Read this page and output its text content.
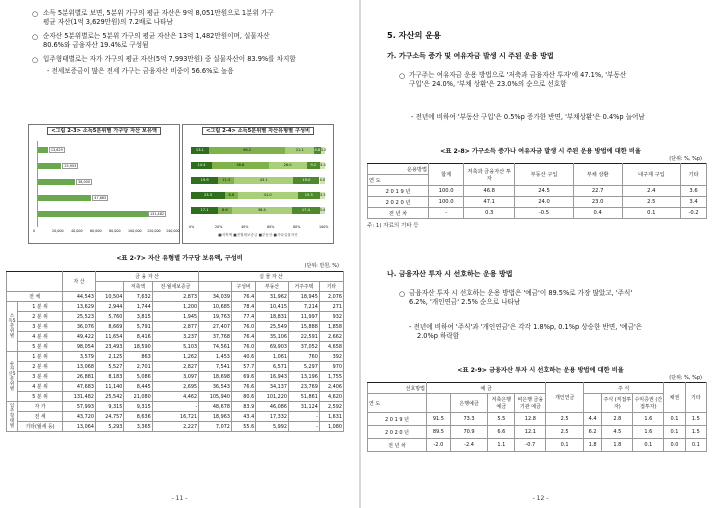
○ 소득 5분위별로 보면, 5분위 가구의 평균 자산은 9억 8,051만원으로 1분위 가구
평균 자산(1억 3,629만원)의 7.2배로 나타남
○ 순자산 5분위별로는 5분위 가구의 평균 자산은 13억 1,482만원이며, 실물자산
80.6%와 금융자산 19.4%로 구성됨
○ 입주형태별로는 자가 가구의 평균 자산(5억 7,993만원) 중 실물자산이 83.9%를 차지함
- 전세보증금이 많은 전세 가구는 금융자산 비중이 56.6%로 높음
<그림 2-3> 소득5분위별 가구당 자산 보유액
13,629
25,903
38,000
47,683
131,482
0	20,000 40,000 60,000 80,000 100,000 120,000 140,000
<그림 2-4> 소득5분위별 자산유형별 구성비
13.1	56.2	21.1	4.8 3.2
14.4	38.8	26.0	9.2	3.4
19.9	11.5	43.1	19.0	4.0
23.3	8.8	41.0	15.3	3.5
17.1	8.6	38.4	17.4	3.4
0%	20%	40%	60%	80%	100%
■저축액 ■전월세보증금 ■부동산 ■기타실물자산
<표 2-7> 자산 유형별 가구당 보유액, 구성비
(단위: 만원, %)
		자 산	금 융 자 산			실 물 자 산				
				저축액	전·월세보증금		구성비	부동산	거주주택	기타
전 체		44,543	10,504	7,632	2,873	34,039	76.4	31,962	18,945	2,076
소득5분위별	1 분 위	13,629	2,944	1,744	1,200	10,685	78.4	10,415	7,214	271
	2 분 위	25,523	5,760	3,815	1,945	19,763	77.4	18,831	11,997	932
	3 분 위	36,076	8,669	5,791	2,877	27,407	76.0	25,549	15,888	1,858
	4 분 위	49,422	11,654	8,416	3,237	37,768	76.4	35,106	22,591	2,662
	5 분 위	98,054	23,493	18,590	5,103	74,561	76.0	69,903	37,052	4,658
순자산5분위별	1 분 위	3,579	2,125	863	1,262	1,453	40.6	1,061	760	392
	2 분 위	13,068	5,527	2,701	2,827	7,541	57.7	6,571	5,297	970
	3 분 위	26,881	8,183	5,086	3,097	18,698	69.6	16,943	13,196	1,755
	4 분 위	47,683	11,140	8,445	2,695	36,543	76.6	34,137	23,769	2,406
	5 분 위	131,482	25,542	21,080	4,462	105,940	80.6	101,220	51,861	4,620
입주형태별	자 가	57,993	9,315	9,315	-	48,678	83.9	46,086	31,124	2,592
	전 세	43,720	24,757	8,636	16,721	18,963	43.4	17,332	-	1,631
	기타(월세 등)	13,064	5,293	3,365	2,227	7,072	55.6	5,992	-	1,080
- 11 -
5. 자산의 운용
가. 가구소득 증가 및 여유자금 발생 시 주된 운용 방법
○ 가구주는 여유자금 운용 방법으로 '저축과 금융자산 투자'에 47.1%, '부동산
구입'은 24.0%, '부채 상환'은 23.0%의 순으로 선호함
- 전년에 비하여 '부동산 구입'은 0.5%p 증가한 반면, '부채상환'은 0.4%p 늘어남
<표 2-8> 가구소득 증가나 여유자금 발생 시 주된 운용 방법에 대한 비율
(단위: %, %p)
운용방법	합계	저축과 금융자산 투자	부동산 구입	부채 상환	내구재 구입	기타
연 도						
2 0 1 9 년	100.0	46.8	24.5	22.7	2.4	3.6
2 0 2 0 년	100.0	47.1	24.0	23.0	2.5	3.4
전 년 차	-	0.3	-0.5	0.4	0.1	-0.2
주: 1) 자료의 기타 등
나. 금융자산 투자 시 선호하는 운용 방법
○ 금융자산 투자 시 선호하는 운용 방법은 '예금'이 89.5%로 가장 많았고, '주식'
6.2%, '개인연금' 2.5% 순으로 나타남
- 전년에 비하여 '주식'과 '개인연금'은 각각 1.8%p, 0.1%p 상승한 반면, '예금'은
2.0%p 하락함
<표 2-9> 금융자산 투자 시 선호하는 운용 방법에 대한 비율
(단위: %, %p)
선호방법	예 금				개인연금	주 식			채권	기타
연 도		은행예금	저축은행 예금	비은행 금융기관 예금			주식 (직접투자)	수익증권 (간접투자)		
2 0 1 9 년	91.5	73.3	5.5	12.8	2.5	4.4	2.8	1.6	0.1	1.5
2 0 2 0 년	89.5	70.9	6.6	12.1	2.5	6.2	4.5	1.6	0.1	1.5
전 년 차	-2.0	-2.4	1.1	-0.7	0.1	1.8	1.8	0.1	0.0	0.1
- 12 -
